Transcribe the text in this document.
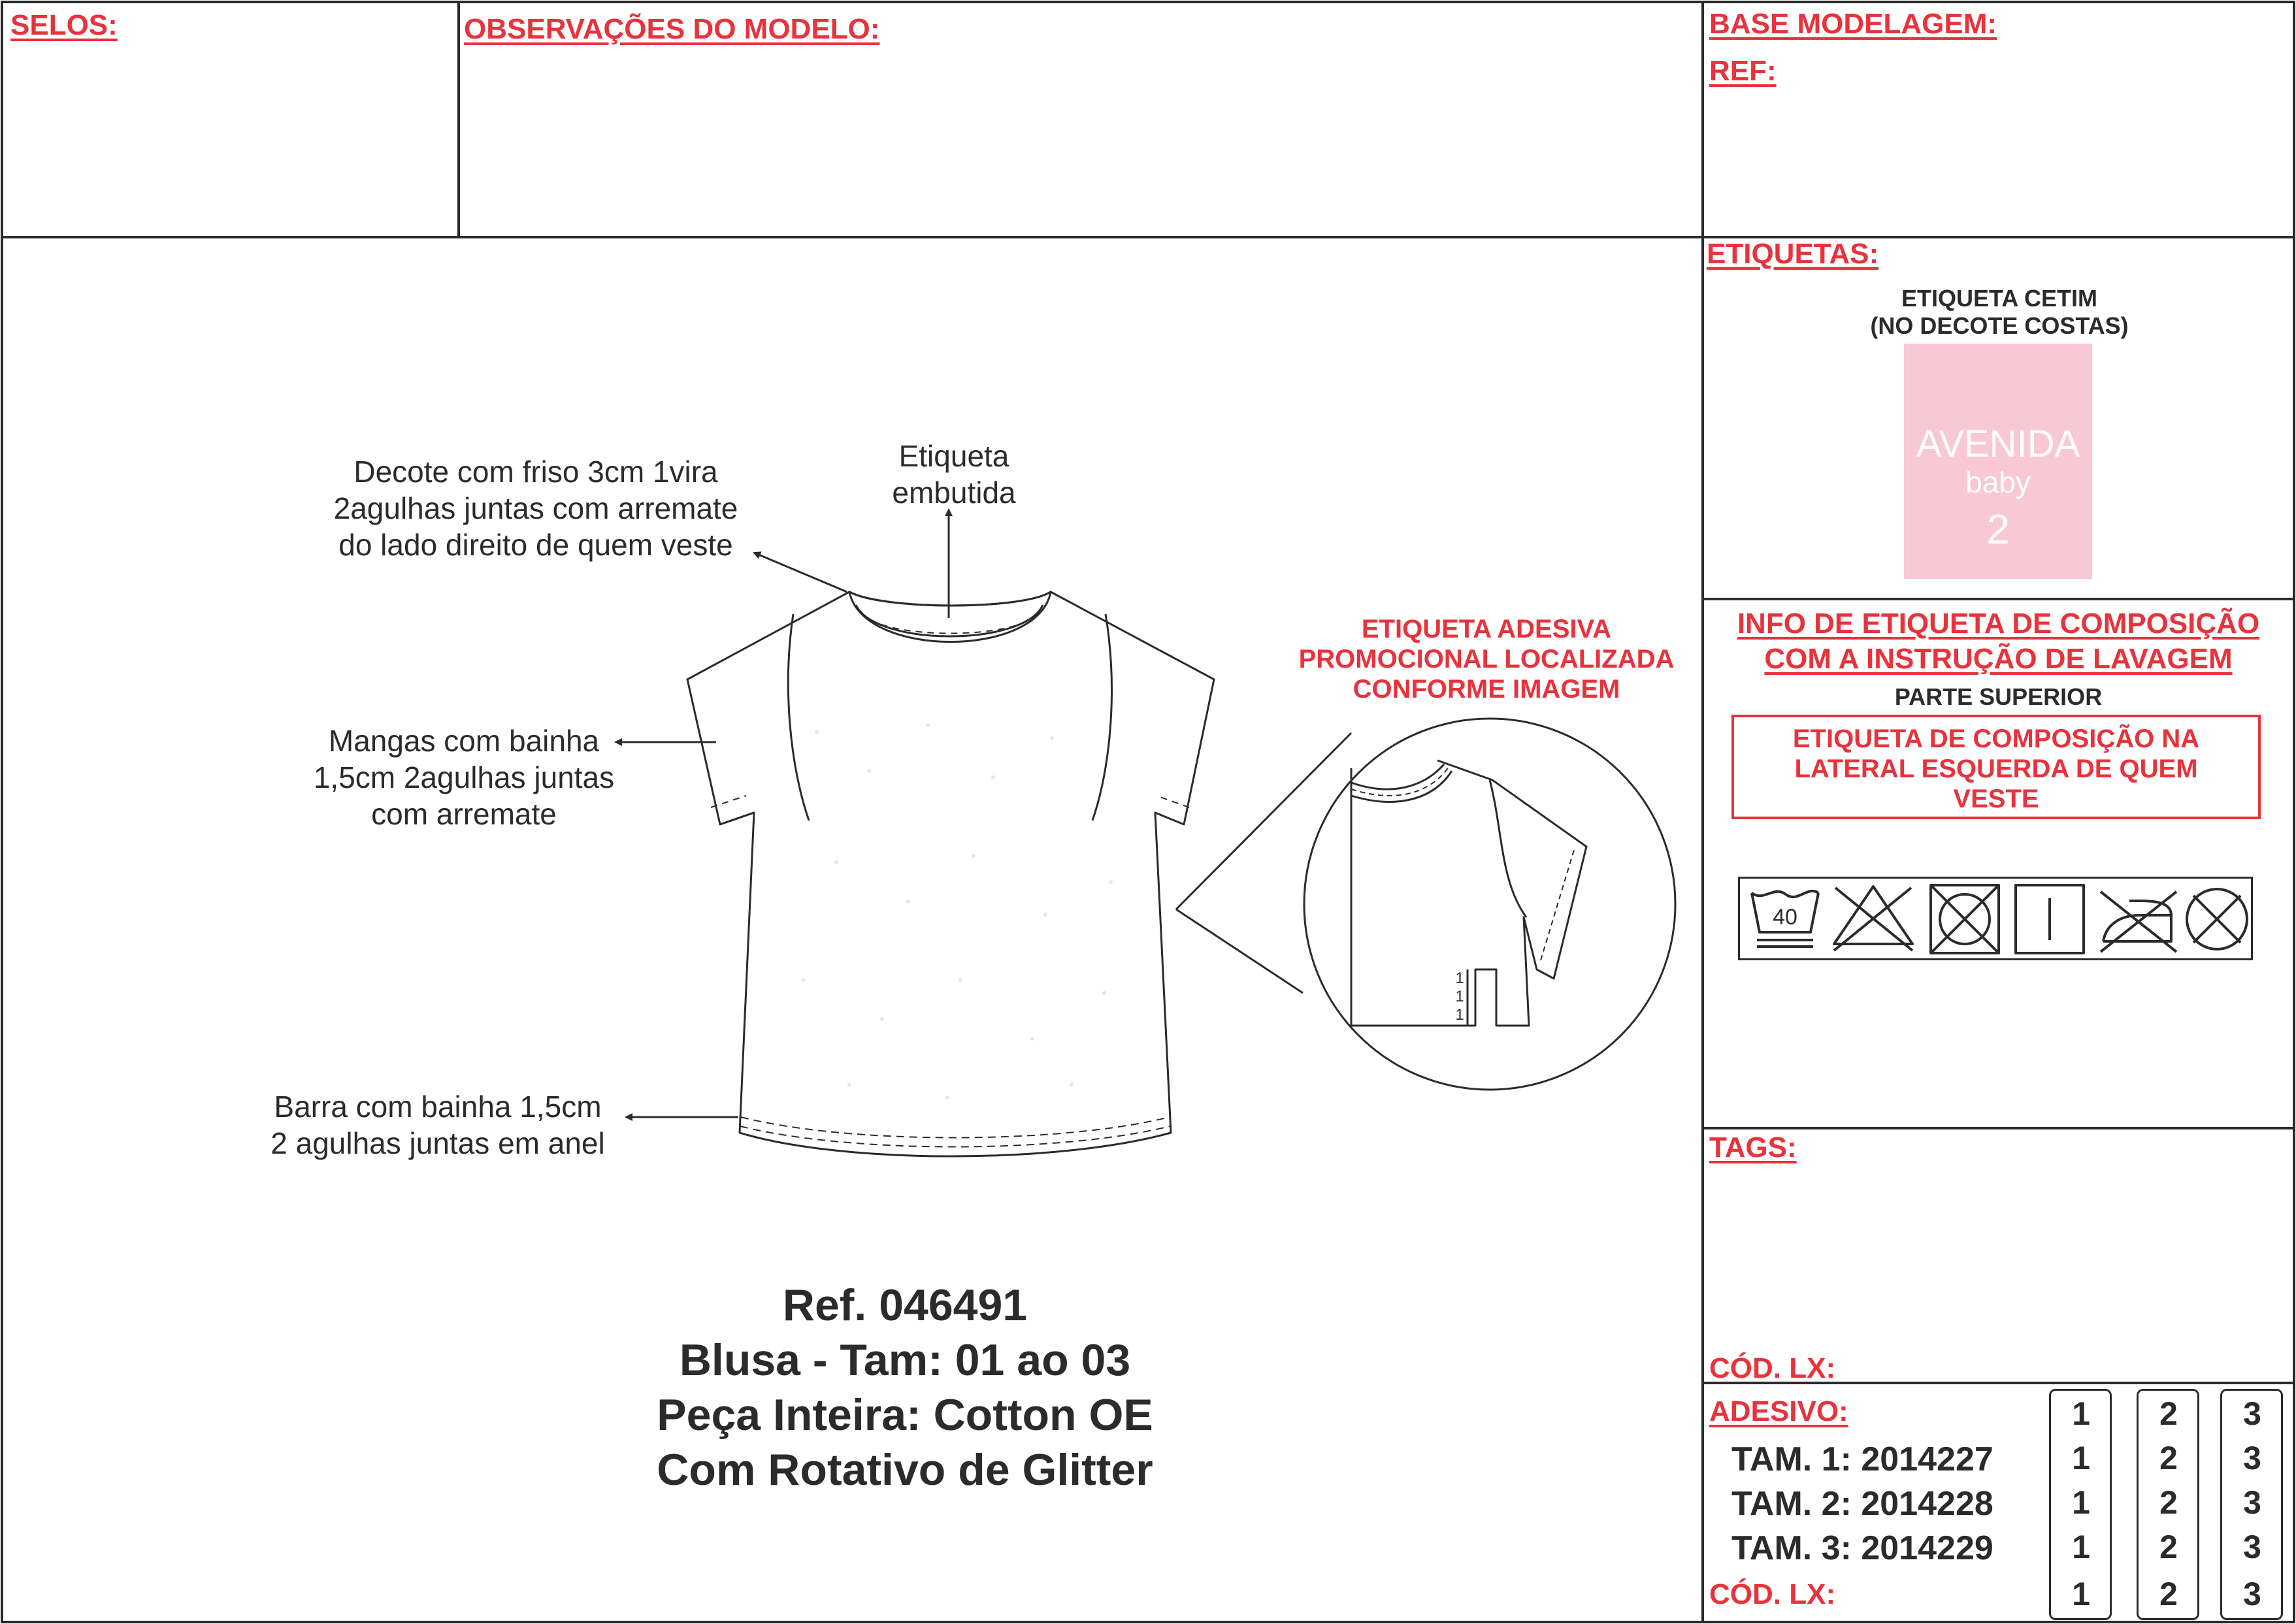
SELOS:	OBSERVAÇÕES DO MODELO:	BASE MODELAGEM:
REF:
1
1
1
Decote com friso 3cm 1vira
2agulhas juntas com arremate
do lado direito de quem veste
Etiqueta
embutida
Mangas com bainha
1,5cm 2agulhas juntas
com arremate
Barra com bainha 1,5cm
2 agulhas juntas em anel
ETIQUETA ADESIVA
PROMOCIONAL LOCALIZADA
CONFORME IMAGEM
Ref. 046491
Blusa - Tam: 01 ao 03
Peça Inteira: Cotton OE
Com Rotativo de Glitter
ETIQUETAS:
ETIQUETA CETIM
(NO DECOTE COSTAS)
AVENIDA
baby
2
INFO DE ETIQUETA DE COMPOSIÇÃO
COM A INSTRUÇÃO DE LAVAGEM
PARTE SUPERIOR
ETIQUETA DE COMPOSIÇÃO NA
LATERAL ESQUERDA DE QUEM
VESTE
40
TAGS:
CÓD. LX:
ADESIVO:
TAM. 1: 2014227
TAM. 2: 2014228
TAM. 3: 2014229
CÓD. LX:
1
1
1
1
1
2
2
2
2
2
3
3
3
3
3
